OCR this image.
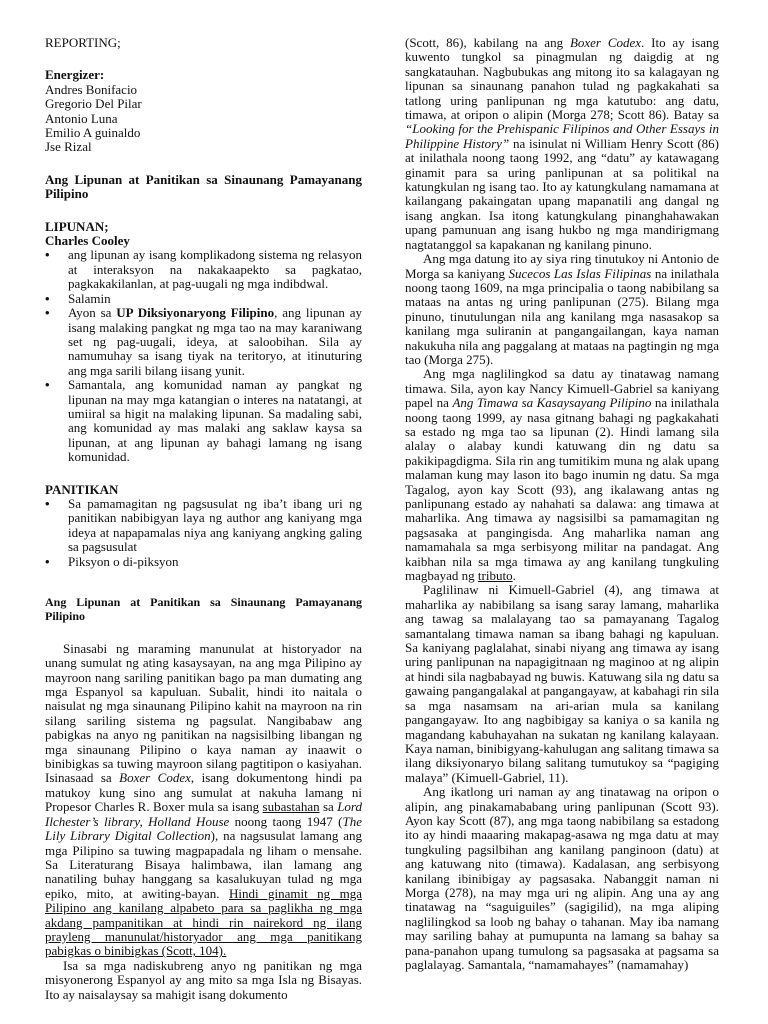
REPORTING;

Energizer:

Andres Bonifacio

Gregorio Del Pilar

Antonio Luna

Emilio A guinaldo

Jse Rizal

Ang Lipunan at Panitikan sa Sinaunang Pamayanang Pilipino

LIPUNAN;

Charles Cooley

• ang lipunan ay isang komplikadong sistema ng relasyon at interaksyon na nakakaapekto sa pagkatao, pagkakakilanlan, at pag-uugali ng mga indibdwal.
• Salamin
• Ayon sa UP Diksiyonaryong Filipino, ang lipunan ay isang malaking pangkat ng mga tao na may karaniwang set ng pag-uugali, ideya, at saloobihan. Sila ay namumuhay sa isang tiyak na teritoryo, at itinuturing ang mga sarili bilang iisang yunit.
• Samantala, ang komunidad naman ay pangkat ng lipunan na may mga katangian o interes na natatangi, at umiiral sa higit na malaking lipunan. Sa madaling sabi, ang komunidad ay mas malaki ang saklaw kaysa sa lipunan, at ang lipunan ay bahagi lamang ng isang komunidad.

PANITIKAN

• Sa pamamagitan ng pagsusulat ng iba’t ibang uri ng panitikan nabibigyan laya ng author ang kaniyang mga ideya at napapamalas niya ang kaniyang angking galing sa pagsusulat
• Piksyon o di-piksyon

Ang Lipunan at Panitikan sa Sinaunang Pamayanang Pilipino

Sinasabi ng maraming manunulat at historyador na unang sumulat ng ating kasaysayan, na ang mga Pilipino ay mayroon nang sariling panitikan bago pa man dumating ang mga Espanyol sa kapuluan. Subalit, hindi ito naitala o naisulat ng mga sinaunang Pilipino kahit na mayroon na rin silang sariling sistema ng pagsulat. Nangibabaw ang pabigkas na anyo ng panitikan na nagsisilbing libangan ng mga sinaunang Pilipino o kaya naman ay inaawit o binibigkas sa tuwing mayroon silang pagtitipon o kasiyahan. Isinasaad sa Boxer Codex, isang dokumentong hindi pa matukoy kung sino ang sumulat at nakuha lamang ni Propesor Charles R. Boxer mula sa isang subastahan sa Lord Ilchester’s library, Holland House noong taong 1947 (The Lily Library Digital Collection), na nagsusulat lamang ang mga Pilipino sa tuwing magpapadala ng liham o mensahe. Sa Literaturang Bisaya halimbawa, ilan lamang ang nanatiling buhay hanggang sa kasalukuyan tulad ng mga epiko, mito, at awiting-bayan. Hindi ginamit ng mga Pilipino ang kanilang alpabeto para sa paglikha ng mga akdang pampanitikan at hindi rin nairekord ng ilang prayleng manunulat/historyador ang mga panitikang pabigkas o binibigkas (Scott, 104).

Isa sa mga nadiskubreng anyo ng panitikan ng mga misyonerong Espanyol ay ang mito sa mga Isla ng Bisayas. Ito ay naisalaysay sa mahigit isang dokumento

(Scott, 86), kabilang na ang Boxer Codex. Ito ay isang kuwento tungkol sa pinagmulan ng daigdig at ng sangkatauhan. Nagbubukas ang mitong ito sa kalagayan ng lipunan sa sinaunang panahon tulad ng pagkakahati sa tatlong uring panlipunan ng mga katutubo: ang datu, timawa, at oripon o alipin (Morga 278; Scott 86). Batay sa “Looking for the Prehispanic Filipinos and Other Essays in Philippine History” na isinulat ni William Henry Scott (86) at inilathala noong taong 1992, ang “datu” ay katawagang ginamit para sa uring panlipunan at sa politikal na katungkulan ng isang tao. Ito ay katungkulang namamana at kailangang pakaingatan upang mapanatili ang dangal ng isang angkan. Isa itong katungkulang pinanghahawakan upang pamunuan ang isang hukbo ng mga mandirigmang nagtatanggol sa kapakanan ng kanilang pinuno.

Ang mga datung ito ay siya ring tinutukoy ni Antonio de Morga sa kaniyang Sucecos Las Islas Filipinas na inilathala noong taong 1609, na mga principalia o taong nabibilang sa mataas na antas ng uring panlipunan (275). Bilang mga pinuno, tinutulungan nila ang kanilang mga nasasakop sa kanilang mga suliranin at pangangailangan, kaya naman nakukuha nila ang paggalang at mataas na pagtingin ng mga tao (Morga 275).

Ang mga naglilingkod sa datu ay tinatawag namang timawa. Sila, ayon kay Nancy Kimuell-Gabriel sa kaniyang papel na Ang Timawa sa Kasaysayang Pilipino na inilathala noong taong 1999, ay nasa gitnang bahagi ng pagkakahati sa estado ng mga tao sa lipunan (2). Hindi lamang sila alalay o alabay kundi katuwang din ng datu sa pakikipagdigma. Sila rin ang tumitikim muna ng alak upang malaman kung may lason ito bago inumin ng datu. Sa mga Tagalog, ayon kay Scott (93), ang ikalawang antas ng panlipunang estado ay nahahati sa dalawa: ang timawa at maharlika. Ang timawa ay nagsisilbi sa pamamagitan ng pagsasaka at pangingisda. Ang maharlika naman ang namamahala sa mga serbisyong militar na pandagat. Ang kaibhan nila sa mga timawa ay ang kanilang tungkuling magbayad ng tributo.

Paglilinaw ni Kimuell-Gabriel (4), ang timawa at maharlika ay nabibilang sa isang saray lamang, maharlika ang tawag sa malalayang tao sa pamayanang Tagalog samantalang timawa naman sa ibang bahagi ng kapuluan. Sa kaniyang paglalahat, sinabi niyang ang timawa ay isang uring panlipunan na napagigitnaan ng maginoo at ng alipin at hindi sila nagbabayad ng buwis. Katuwang sila ng datu sa gawaing pangangalakal at pangangayaw, at kabahagi rin sila sa mga nasamsam na ari-arian mula sa kanilang pangangayaw. Ito ang nagbibigay sa kaniya o sa kanila ng magandang kabuhayahan na sukatan ng kanilang kalayaan. Kaya naman, binibigyang-kahulugan ang salitang timawa sa ilang diksiyonaryo bilang salitang tumutukoy sa “pagiging malaya” (Kimuell-Gabriel, 11).

Ang ikatlong uri naman ay ang tinatawag na oripon o alipin, ang pinakamababang uring panlipunan (Scott 93). Ayon kay Scott (87), ang mga taong nabibilang sa estadong ito ay hindi maaaring makapag-asawa ng mga datu at may tungkuling pagsilbihan ang kanilang panginoon (datu) at ang katuwang nito (timawa). Kadalasan, ang serbisyong kanilang ibinibigay ay pagsasaka. Nabanggit naman ni Morga (278), na may mga uri ng alipin. Ang una ay ang tinatawag na “saguiguiles” (sagigilid), na mga aliping naglilingkod sa loob ng bahay o tahanan. May iba namang may sariling bahay at pumupunta na lamang sa bahay sa pana-panahon upang tumulong sa pagsasaka at pagsama sa paglalayag. Samantala, “namamahayes” (namamahay)
